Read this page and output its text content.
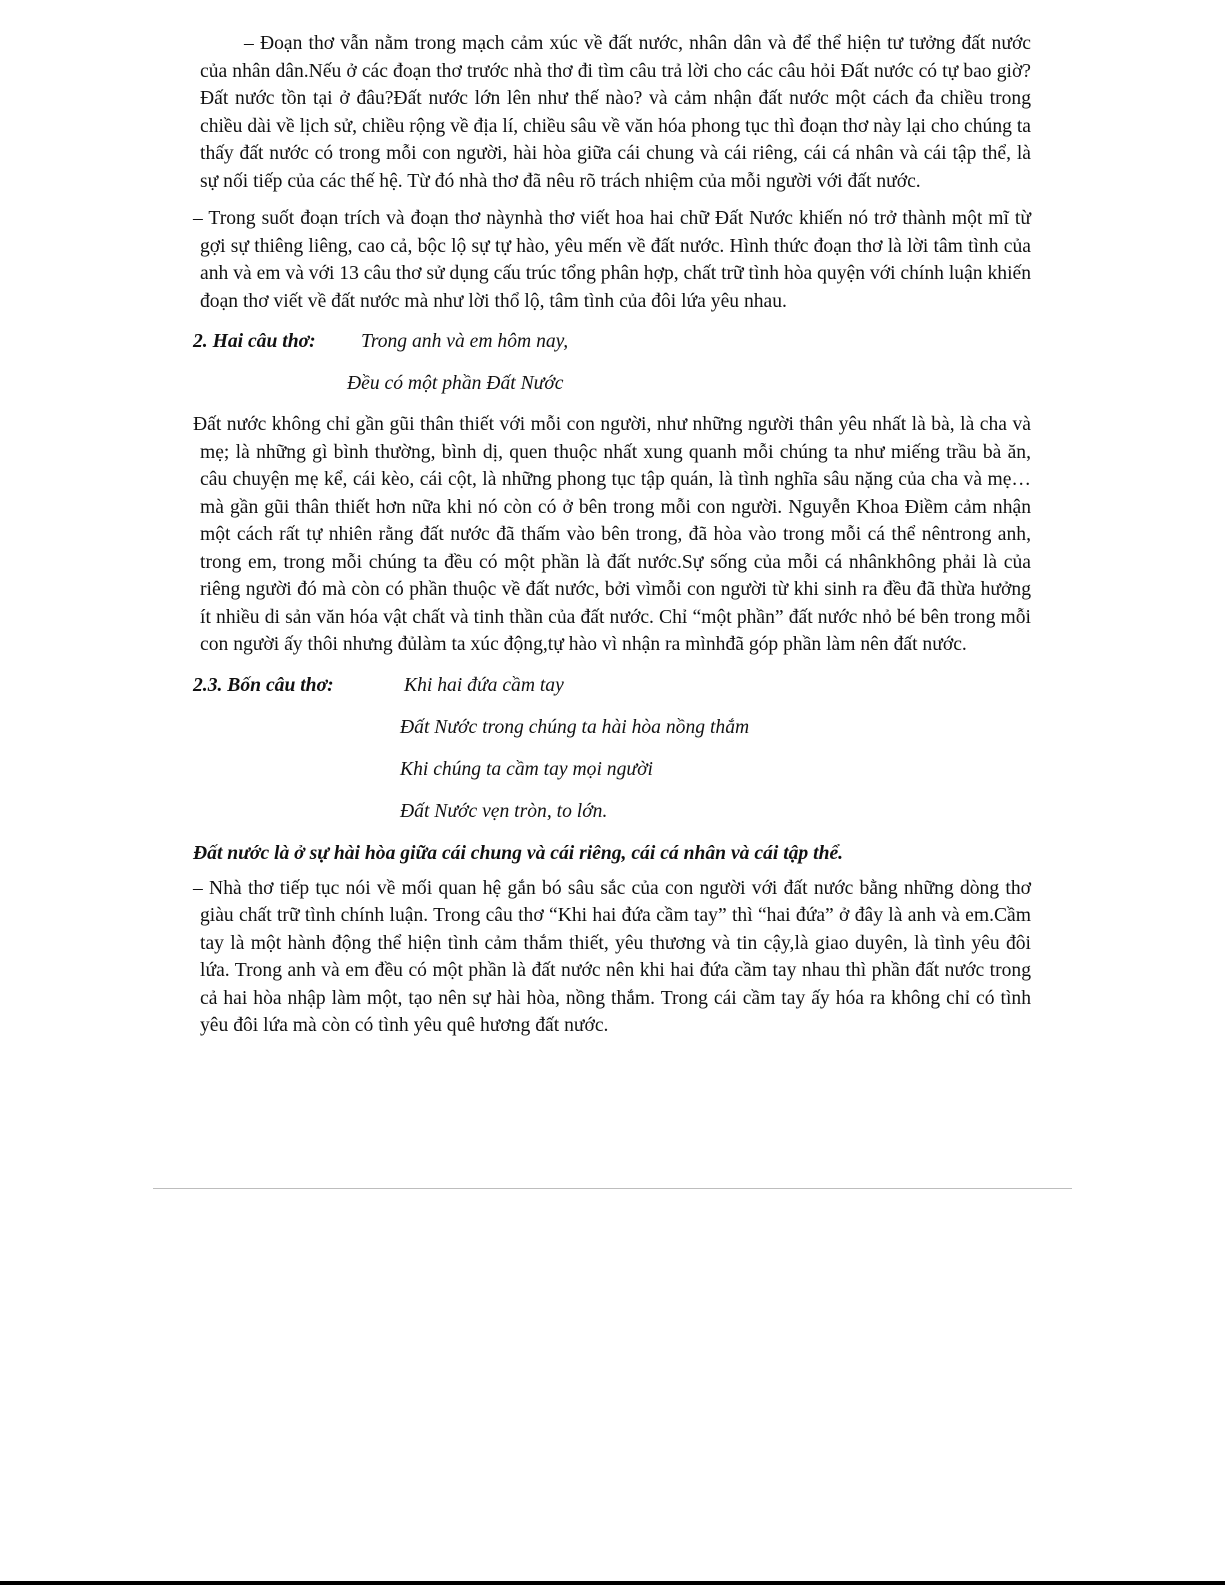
– Đoạn thơ vẫn nằm trong mạch cảm xúc về đất nước, nhân dân và để thể hiện tư tưởng đất nước của nhân dân.Nếu ở các đoạn thơ trước nhà thơ đi tìm câu trả lời cho các câu hỏi Đất nước có tự bao giờ?Đất nước tồn tại ở đâu?Đất nước lớn lên như thế nào? và cảm nhận đất nước một cách đa chiều trong chiều dài về lịch sử, chiều rộng về địa lí, chiều sâu về văn hóa phong tục thì đoạn thơ này lại cho chúng ta thấy đất nước có trong mỗi con người, hài hòa giữa cái chung và cái riêng, cái cá nhân và cái tập thể, là sự nối tiếp của các thế hệ. Từ đó nhà thơ đã nêu rõ trách nhiệm của mỗi người với đất nước.

– Trong suốt đoạn trích và đoạn thơ nàynhà thơ viết hoa hai chữ Đất Nước khiến nó trở thành một mĩ từ gợi sự thiêng liêng, cao cả, bộc lộ sự tự hào, yêu mến về đất nước. Hình thức đoạn thơ là lời tâm tình của anh và em và với 13 câu thơ sử dụng cấu trúc tổng phân hợp, chất trữ tình hòa quyện với chính luận khiến đoạn thơ viết về đất nước mà như lời thổ lộ, tâm tình của đôi lứa yêu nhau.

2. Hai câu thơ: Trong anh và em hôm nay,
Đều có một phần Đất Nước

Đất nước không chỉ gần gũi thân thiết với mỗi con người, như những người thân yêu nhất là bà, là cha và mẹ; là những gì bình thường, bình dị, quen thuộc nhất xung quanh mỗi chúng ta như miếng trầu bà ăn, câu chuyện mẹ kể, cái kèo, cái cột, là những phong tục tập quán, là tình nghĩa sâu nặng của cha và mẹ… mà gần gũi thân thiết hơn nữa khi nó còn có ở bên trong mỗi con người. Nguyễn Khoa Điềm cảm nhận một cách rất tự nhiên rằng đất nước đã thấm vào bên trong, đã hòa vào trong mỗi cá thể nêntrong anh, trong em, trong mỗi chúng ta đều có một phần là đất nước.Sự sống của mỗi cá nhânkhông phải là của riêng người đó mà còn có phần thuộc về đất nước, bởi vìmỗi con người từ khi sinh ra đều đã thừa hưởng ít nhiều di sản văn hóa vật chất và tinh thần của đất nước. Chỉ “một phần” đất nước nhỏ bé bên trong mỗi con người ấy thôi nhưng đủlàm ta xúc động,tự hào vì nhận ra mìnhđã góp phần làm nên đất nước.

2.3. Bốn câu thơ:	Khi hai đứa cầm tay
Đất Nước trong chúng ta hài hòa nồng thắm
Khi chúng ta cầm tay mọi người
Đất Nước vẹn tròn, to lớn.

Đất nước là ở sự hài hòa giữa cái chung và cái riêng, cái cá nhân và cái tập thể.

– Nhà thơ tiếp tục nói về mối quan hệ gắn bó sâu sắc của con người với đất nước bằng những dòng thơ giàu chất trữ tình chính luận. Trong câu thơ “Khi hai đứa cầm tay” thì “hai đứa” ở đây là anh và em.Cầm tay là một hành động thể hiện tình cảm thắm thiết, yêu thương và tin cậy,là giao duyên, là tình yêu đôi lứa. Trong anh và em đều có một phần là đất nước nên khi hai đứa cầm tay nhau thì phần đất nước trong cả hai hòa nhập làm một, tạo nên sự hài hòa, nồng thắm. Trong cái cầm tay ấy hóa ra không chỉ có tình yêu đôi lứa mà còn có tình yêu quê hương đất nước.
